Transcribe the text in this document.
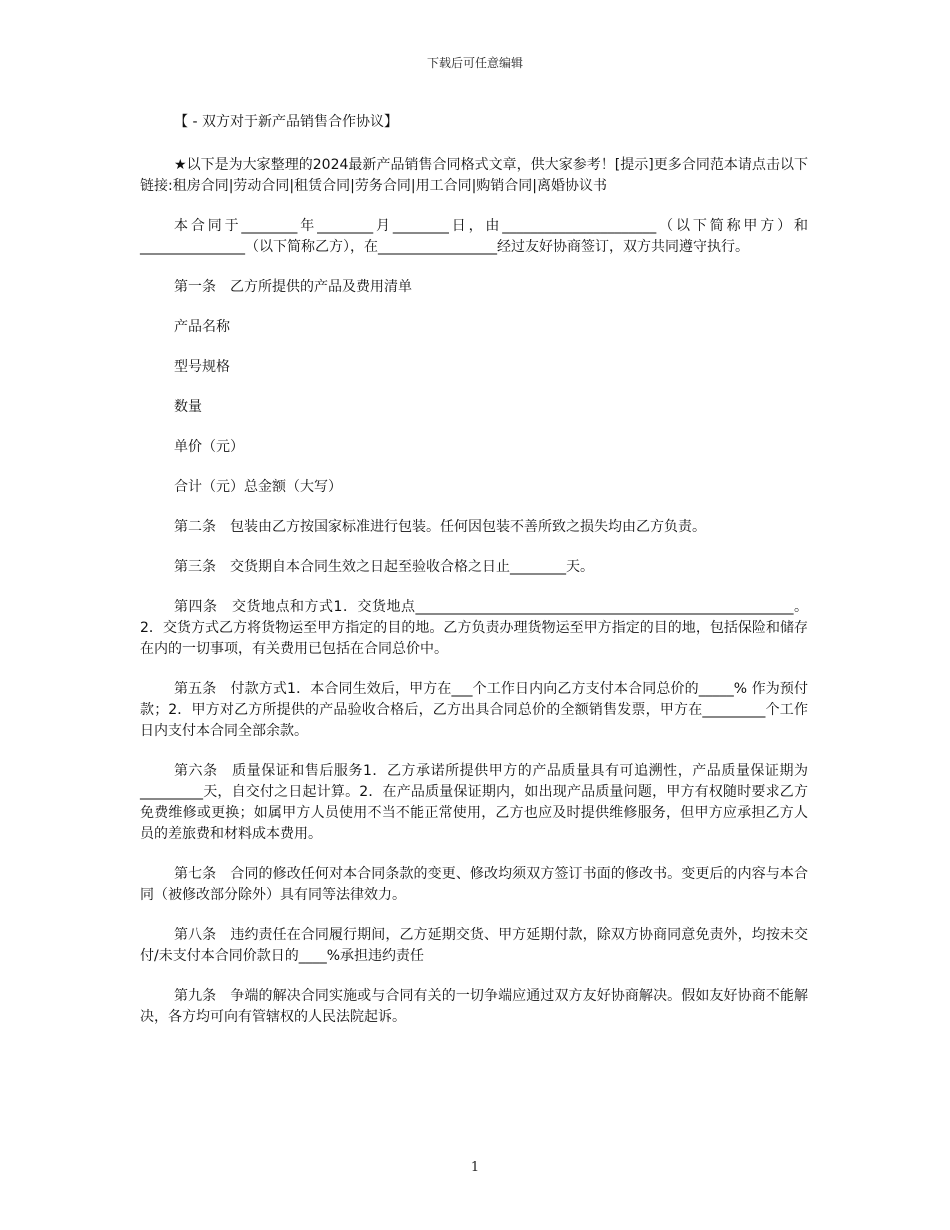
下载后可任意编辑

【 - 双方对于新产品销售合作协议】

★以下是为大家整理的2024最新产品销售合同格式文章，供大家参考！[提示]更多合同范本请点击以下链接:租房合同|劳动合同|租赁合同|劳务合同|用工合同|购销合同|离婚协议书

本合同于________年________月________日，由______________________（以下简称甲方）和_______________（以下简称乙方），在_________________经过友好协商签订，双方共同遵守执行。

第一条　乙方所提供的产品及费用清单

产品名称

型号规格

数量

单价（元）

合计（元）总金额（大写）

第二条　包装由乙方按国家标准进行包装。任何因包装不善所致之损失均由乙方负责。

第三条　交货期自本合同生效之日起至验收合格之日止________天。

第四条　交货地点和方式1．交货地点______________________________________________________。2．交货方式乙方将货物运至甲方指定的目的地。乙方负责办理货物运至甲方指定的目的地，包括保险和储存在内的一切事项，有关费用已包括在合同总价中。

第五条　付款方式1．本合同生效后，甲方在___个工作日内向乙方支付本合同总价的_____% 作为预付款；2．甲方对乙方所提供的产品验收合格后，乙方出具合同总价的全额销售发票，甲方在_________个工作日内支付本合同全部余款。

第六条　质量保证和售后服务1．乙方承诺所提供甲方的产品质量具有可追溯性，产品质量保证期为_________天，自交付之日起计算。2．在产品质量保证期内，如出现产品质量问题，甲方有权随时要求乙方免费维修或更换；如属甲方人员使用不当不能正常使用，乙方也应及时提供维修服务，但甲方应承担乙方人员的差旅费和材料成本费用。

第七条　合同的修改任何对本合同条款的变更、修改均须双方签订书面的修改书。变更后的内容与本合同（被修改部分除外）具有同等法律效力。

第八条　违约责任在合同履行期间，乙方延期交货、甲方延期付款，除双方协商同意免责外，均按未交付/未支付本合同价款日的____%承担违约责任

第九条　争端的解决合同实施或与合同有关的一切争端应通过双方友好协商解决。假如友好协商不能解决，各方均可向有管辖权的人民法院起诉。

1
